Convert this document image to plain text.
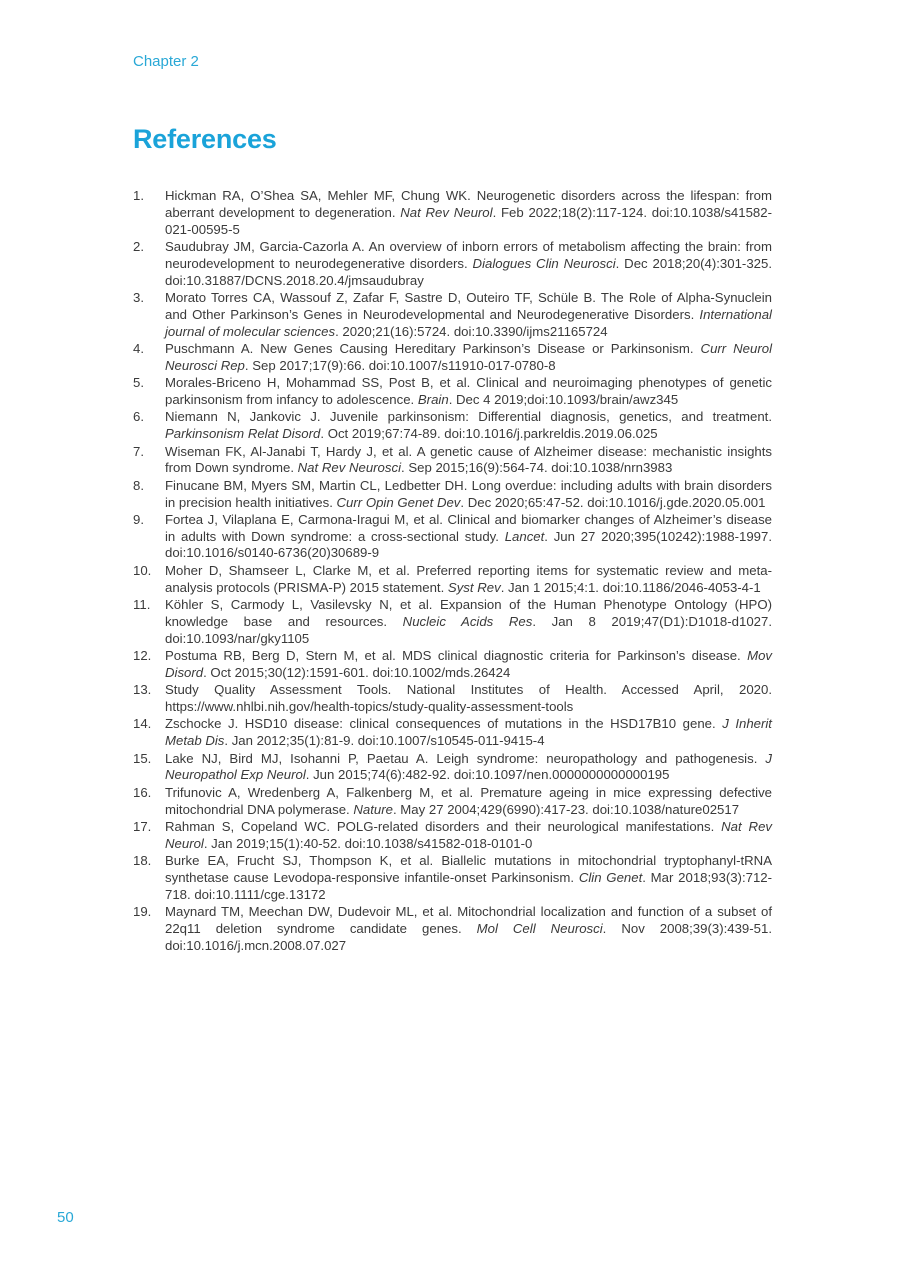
Chapter 2
References
1. Hickman RA, O’Shea SA, Mehler MF, Chung WK. Neurogenetic disorders across the lifespan: from aberrant development to degeneration. Nat Rev Neurol. Feb 2022;18(2):117-124. doi:10.1038/s41582-021-00595-5
2. Saudubray JM, Garcia-Cazorla A. An overview of inborn errors of metabolism affecting the brain: from neurodevelopment to neurodegenerative disorders. Dialogues Clin Neurosci. Dec 2018;20(4):301-325. doi:10.31887/DCNS.2018.20.4/jmsaudubray
3. Morato Torres CA, Wassouf Z, Zafar F, Sastre D, Outeiro TF, Schüle B. The Role of Alpha-Synuclein and Other Parkinson’s Genes in Neurodevelopmental and Neurodegenerative Disorders. International journal of molecular sciences. 2020;21(16):5724. doi:10.3390/ijms21165724
4. Puschmann A. New Genes Causing Hereditary Parkinson’s Disease or Parkinsonism. Curr Neurol Neurosci Rep. Sep 2017;17(9):66. doi:10.1007/s11910-017-0780-8
5. Morales-Briceno H, Mohammad SS, Post B, et al. Clinical and neuroimaging phenotypes of genetic parkinsonism from infancy to adolescence. Brain. Dec 4 2019;doi:10.1093/brain/awz345
6. Niemann N, Jankovic J. Juvenile parkinsonism: Differential diagnosis, genetics, and treatment. Parkinsonism Relat Disord. Oct 2019;67:74-89. doi:10.1016/j.parkreldis.2019.06.025
7. Wiseman FK, Al-Janabi T, Hardy J, et al. A genetic cause of Alzheimer disease: mechanistic insights from Down syndrome. Nat Rev Neurosci. Sep 2015;16(9):564-74. doi:10.1038/nrn3983
8. Finucane BM, Myers SM, Martin CL, Ledbetter DH. Long overdue: including adults with brain disorders in precision health initiatives. Curr Opin Genet Dev. Dec 2020;65:47-52. doi:10.1016/j.gde.2020.05.001
9. Fortea J, Vilaplana E, Carmona-Iragui M, et al. Clinical and biomarker changes of Alzheimer’s disease in adults with Down syndrome: a cross-sectional study. Lancet. Jun 27 2020;395(10242):1988-1997. doi:10.1016/s0140-6736(20)30689-9
10. Moher D, Shamseer L, Clarke M, et al. Preferred reporting items for systematic review and meta-analysis protocols (PRISMA-P) 2015 statement. Syst Rev. Jan 1 2015;4:1. doi:10.1186/2046-4053-4-1
11. Köhler S, Carmody L, Vasilevsky N, et al. Expansion of the Human Phenotype Ontology (HPO) knowledge base and resources. Nucleic Acids Res. Jan 8 2019;47(D1):D1018-d1027. doi:10.1093/nar/gky1105
12. Postuma RB, Berg D, Stern M, et al. MDS clinical diagnostic criteria for Parkinson’s disease. Mov Disord. Oct 2015;30(12):1591-601. doi:10.1002/mds.26424
13. Study Quality Assessment Tools. National Institutes of Health. Accessed April, 2020. https://www.nhlbi.nih.gov/health-topics/study-quality-assessment-tools
14. Zschocke J. HSD10 disease: clinical consequences of mutations in the HSD17B10 gene. J Inherit Metab Dis. Jan 2012;35(1):81-9. doi:10.1007/s10545-011-9415-4
15. Lake NJ, Bird MJ, Isohanni P, Paetau A. Leigh syndrome: neuropathology and pathogenesis. J Neuropathol Exp Neurol. Jun 2015;74(6):482-92. doi:10.1097/nen.0000000000000195
16. Trifunovic A, Wredenberg A, Falkenberg M, et al. Premature ageing in mice expressing defective mitochondrial DNA polymerase. Nature. May 27 2004;429(6990):417-23. doi:10.1038/nature02517
17. Rahman S, Copeland WC. POLG-related disorders and their neurological manifestations. Nat Rev Neurol. Jan 2019;15(1):40-52. doi:10.1038/s41582-018-0101-0
18. Burke EA, Frucht SJ, Thompson K, et al. Biallelic mutations in mitochondrial tryptophanyl-tRNA synthetase cause Levodopa-responsive infantile-onset Parkinsonism. Clin Genet. Mar 2018;93(3):712-718. doi:10.1111/cge.13172
19. Maynard TM, Meechan DW, Dudevoir ML, et al. Mitochondrial localization and function of a subset of 22q11 deletion syndrome candidate genes. Mol Cell Neurosci. Nov 2008;39(3):439-51. doi:10.1016/j.mcn.2008.07.027
50
